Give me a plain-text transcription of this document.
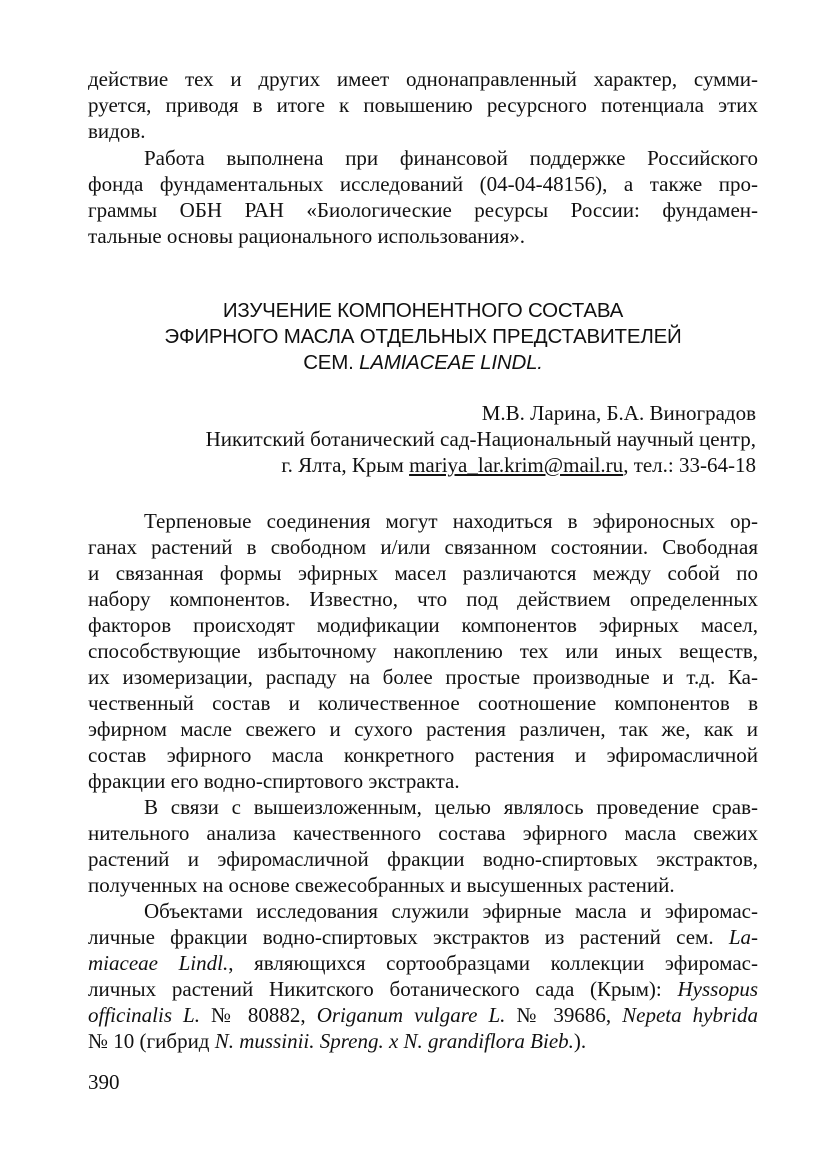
действие тех и других имеет однонаправленный характер, сумми-
руется, приводя в итоге к повышению ресурсного потенциала этих
видов.
Работа выполнена при финансовой поддержке Российского
фонда фундаментальных исследований (04-04-48156), а также про-
граммы ОБН РАН «Биологические ресурсы России: фундамен-
тальные основы рационального использования».
ИЗУЧЕНИЕ КОМПОНЕНТНОГО СОСТАВА
ЭФИРНОГО МАСЛА ОТДЕЛЬНЫХ ПРЕДСТАВИТЕЛЕЙ
СЕМ. LAMIACEAE LINDL.
М.В. Ларина, Б.А. Виноградов
Никитский ботанический сад-Национальный научный центр,
г. Ялта, Крым mariya_lar.krim@mail.ru, тел.: 33-64-18
Терпеновые соединения могут находиться в эфироносных ор-
ганах растений в свободном и/или связанном состоянии. Свободная
и связанная формы эфирных масел различаются между собой по
набору компонентов. Известно, что под действием определенных
факторов происходят модификации компонентов эфирных масел,
способствующие избыточному накоплению тех или иных веществ,
их изомеризации, распаду на более простые производные и т.д. Ка-
чественный состав и количественное соотношение компонентов в
эфирном масле свежего и сухого растения различен, так же, как и
состав эфирного масла конкретного растения и эфиромасличной
фракции его водно-спиртового экстракта.
В связи с вышеизложенным, целью являлось проведение срав-
нительного анализа качественного состава эфирного масла свежих
растений и эфиромасличной фракции водно-спиртовых экстрактов,
полученных на основе свежесобранных и высушенных растений.
Объектами исследования служили эфирные масла и эфиромас-
личные фракции водно-спиртовых экстрактов из растений сем. La-
miaceae Lindl., являющихся сортообразцами коллекции эфиромас-
личных растений Никитского ботанического сада (Крым): Hyssopus
officinalis L. № 80882, Origanum vulgare L. № 39686, Nepeta hybrida
№ 10 (гибрид N. mussinii. Spreng. x N. grandiflora Bieb.).
390
